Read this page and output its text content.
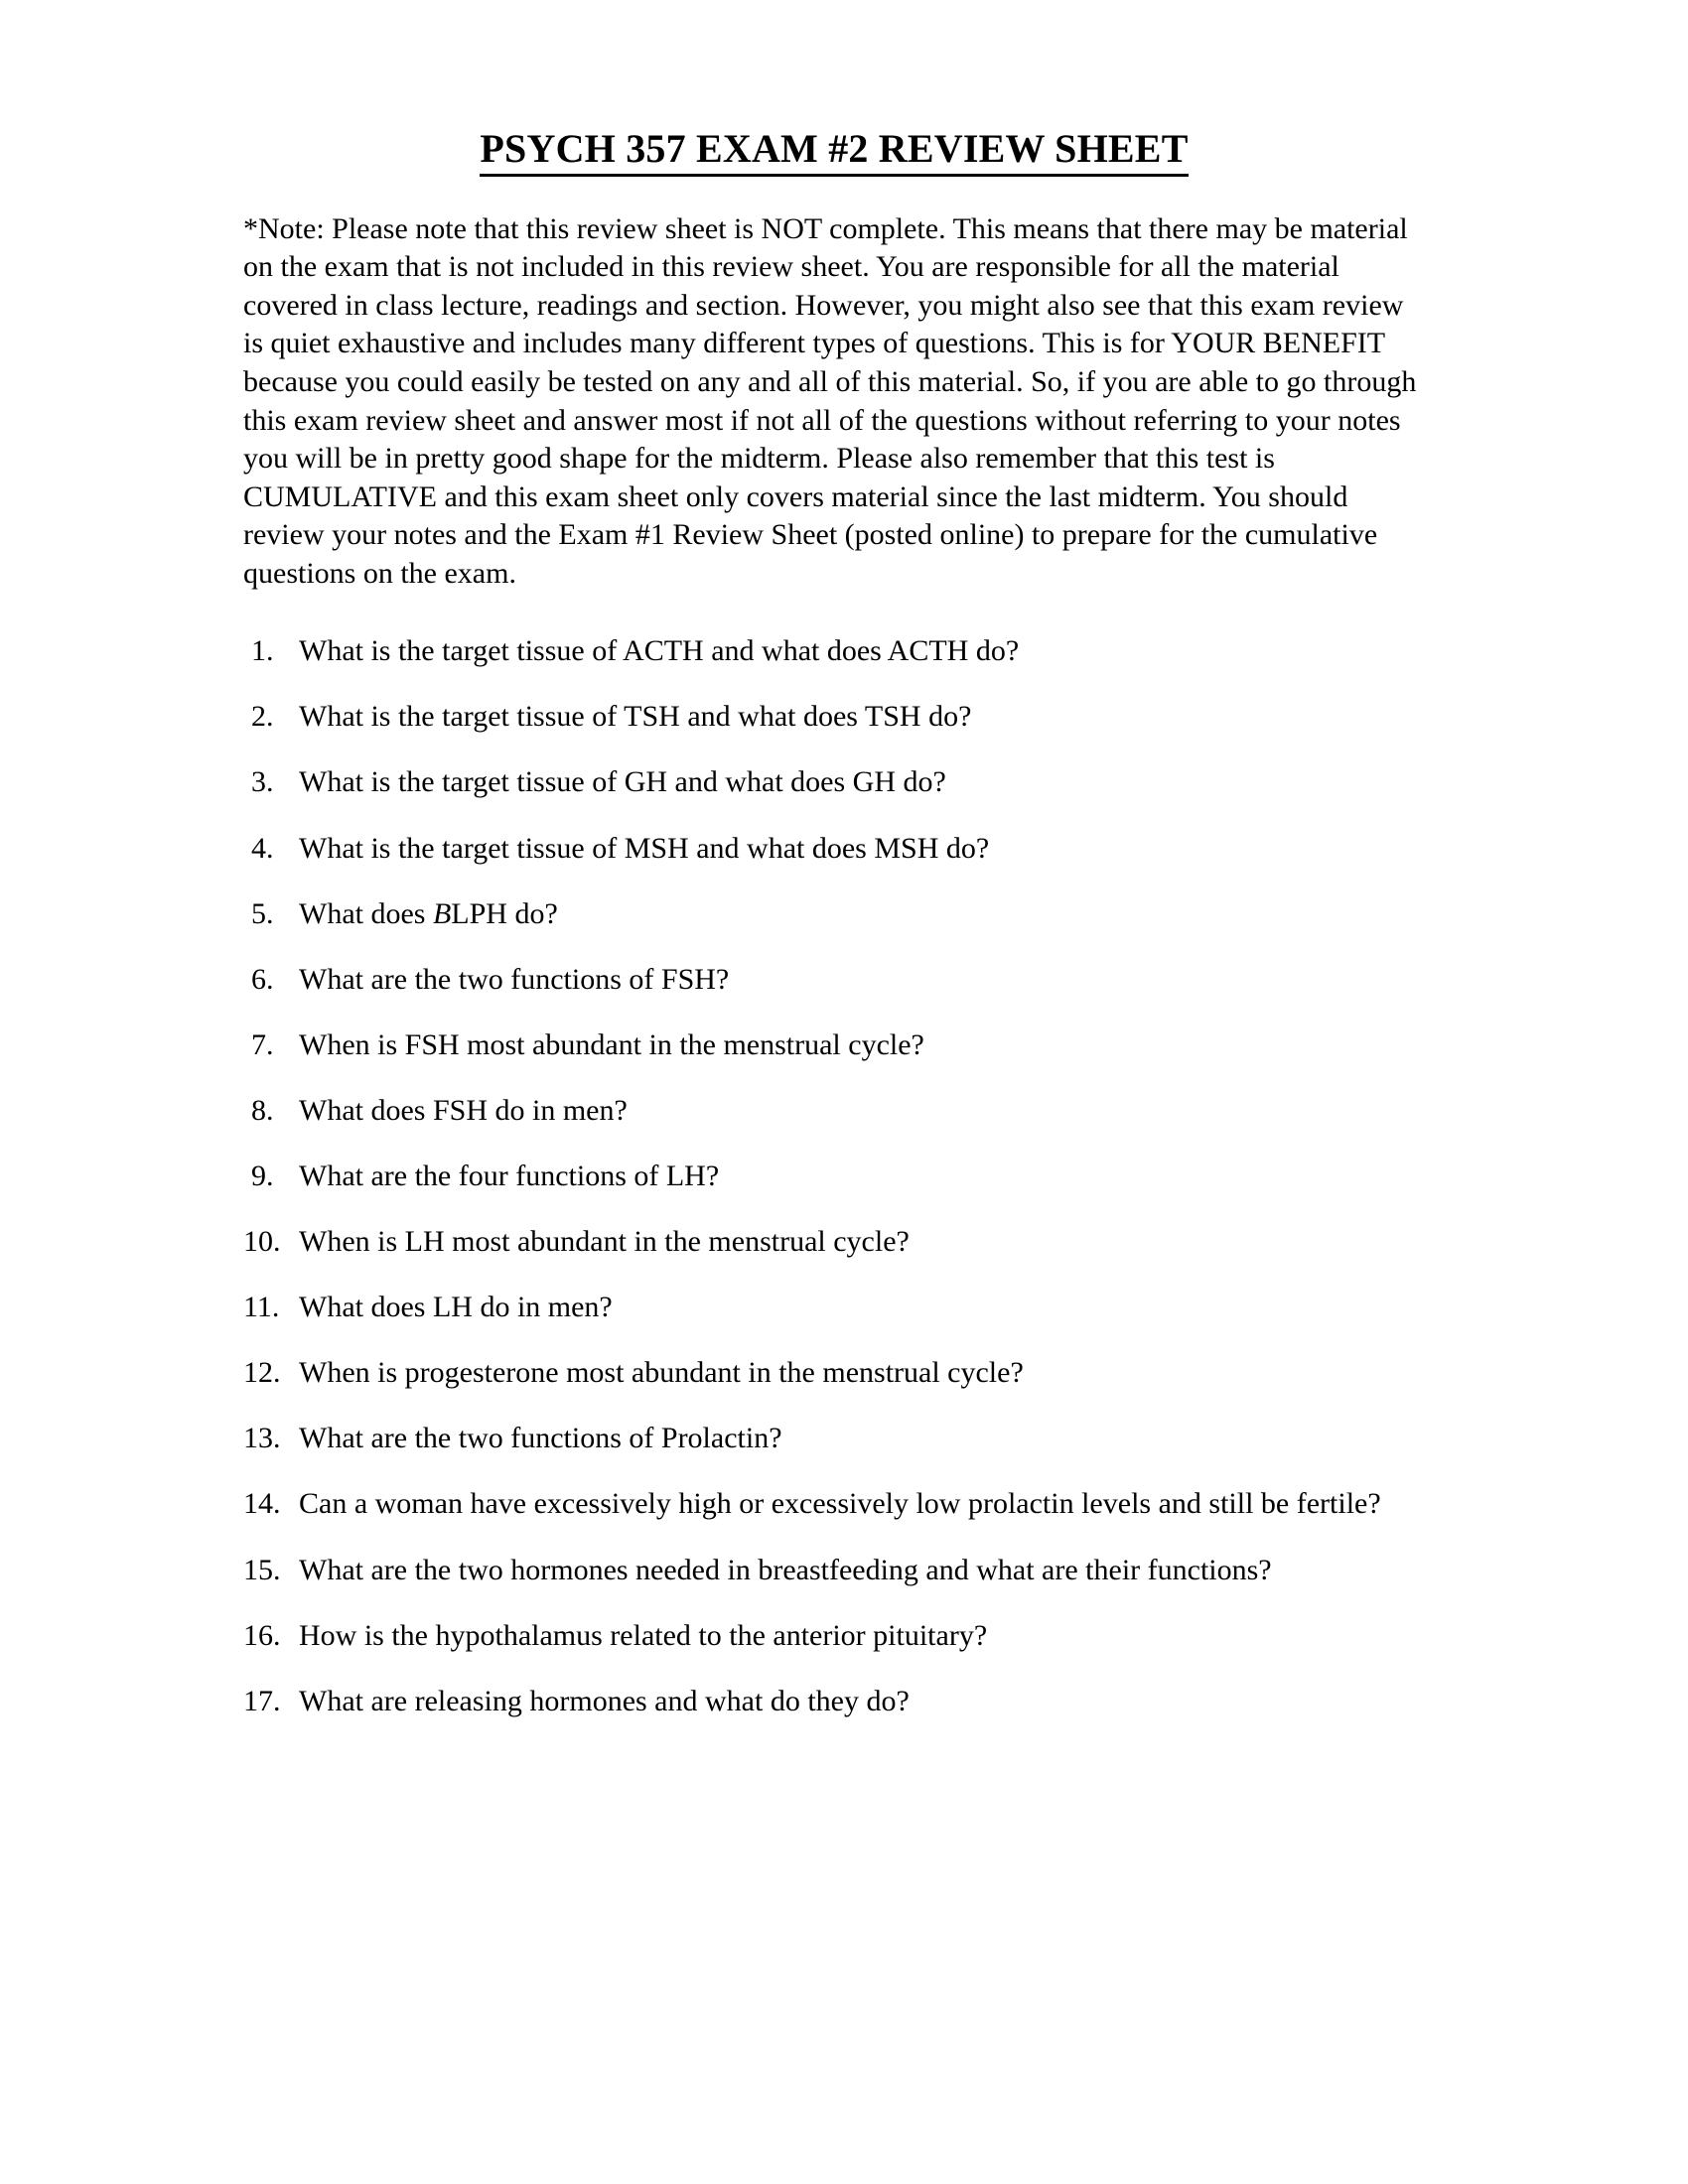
PSYCH 357 EXAM #2 REVIEW SHEET

*Note: Please note that this review sheet is NOT complete. This means that there may be material on the exam that is not included in this review sheet. You are responsible for all the material covered in class lecture, readings and section. However, you might also see that this exam review is quiet exhaustive and includes many different types of questions. This is for YOUR BENEFIT because you could easily be tested on any and all of this material. So, if you are able to go through this exam review sheet and answer most if not all of the questions without referring to your notes you will be in pretty good shape for the midterm. Please also remember that this test is CUMULATIVE and this exam sheet only covers material since the last midterm. You should review your notes and the Exam #1 Review Sheet (posted online) to prepare for the cumulative questions on the exam.

1. What is the target tissue of ACTH and what does ACTH do?
2. What is the target tissue of TSH and what does TSH do?
3. What is the target tissue of GH and what does GH do?
4. What is the target tissue of MSH and what does MSH do?
5. What does BLPH do?
6. What are the two functions of FSH?
7. When is FSH most abundant in the menstrual cycle?
8. What does FSH do in men?
9. What are the four functions of LH?
10. When is LH most abundant in the menstrual cycle?
11. What does LH do in men?
12. When is progesterone most abundant in the menstrual cycle?
13. What are the two functions of Prolactin?
14. Can a woman have excessively high or excessively low prolactin levels and still be fertile?
15. What are the two hormones needed in breastfeeding and what are their functions?
16. How is the hypothalamus related to the anterior pituitary?
17. What are releasing hormones and what do they do?
